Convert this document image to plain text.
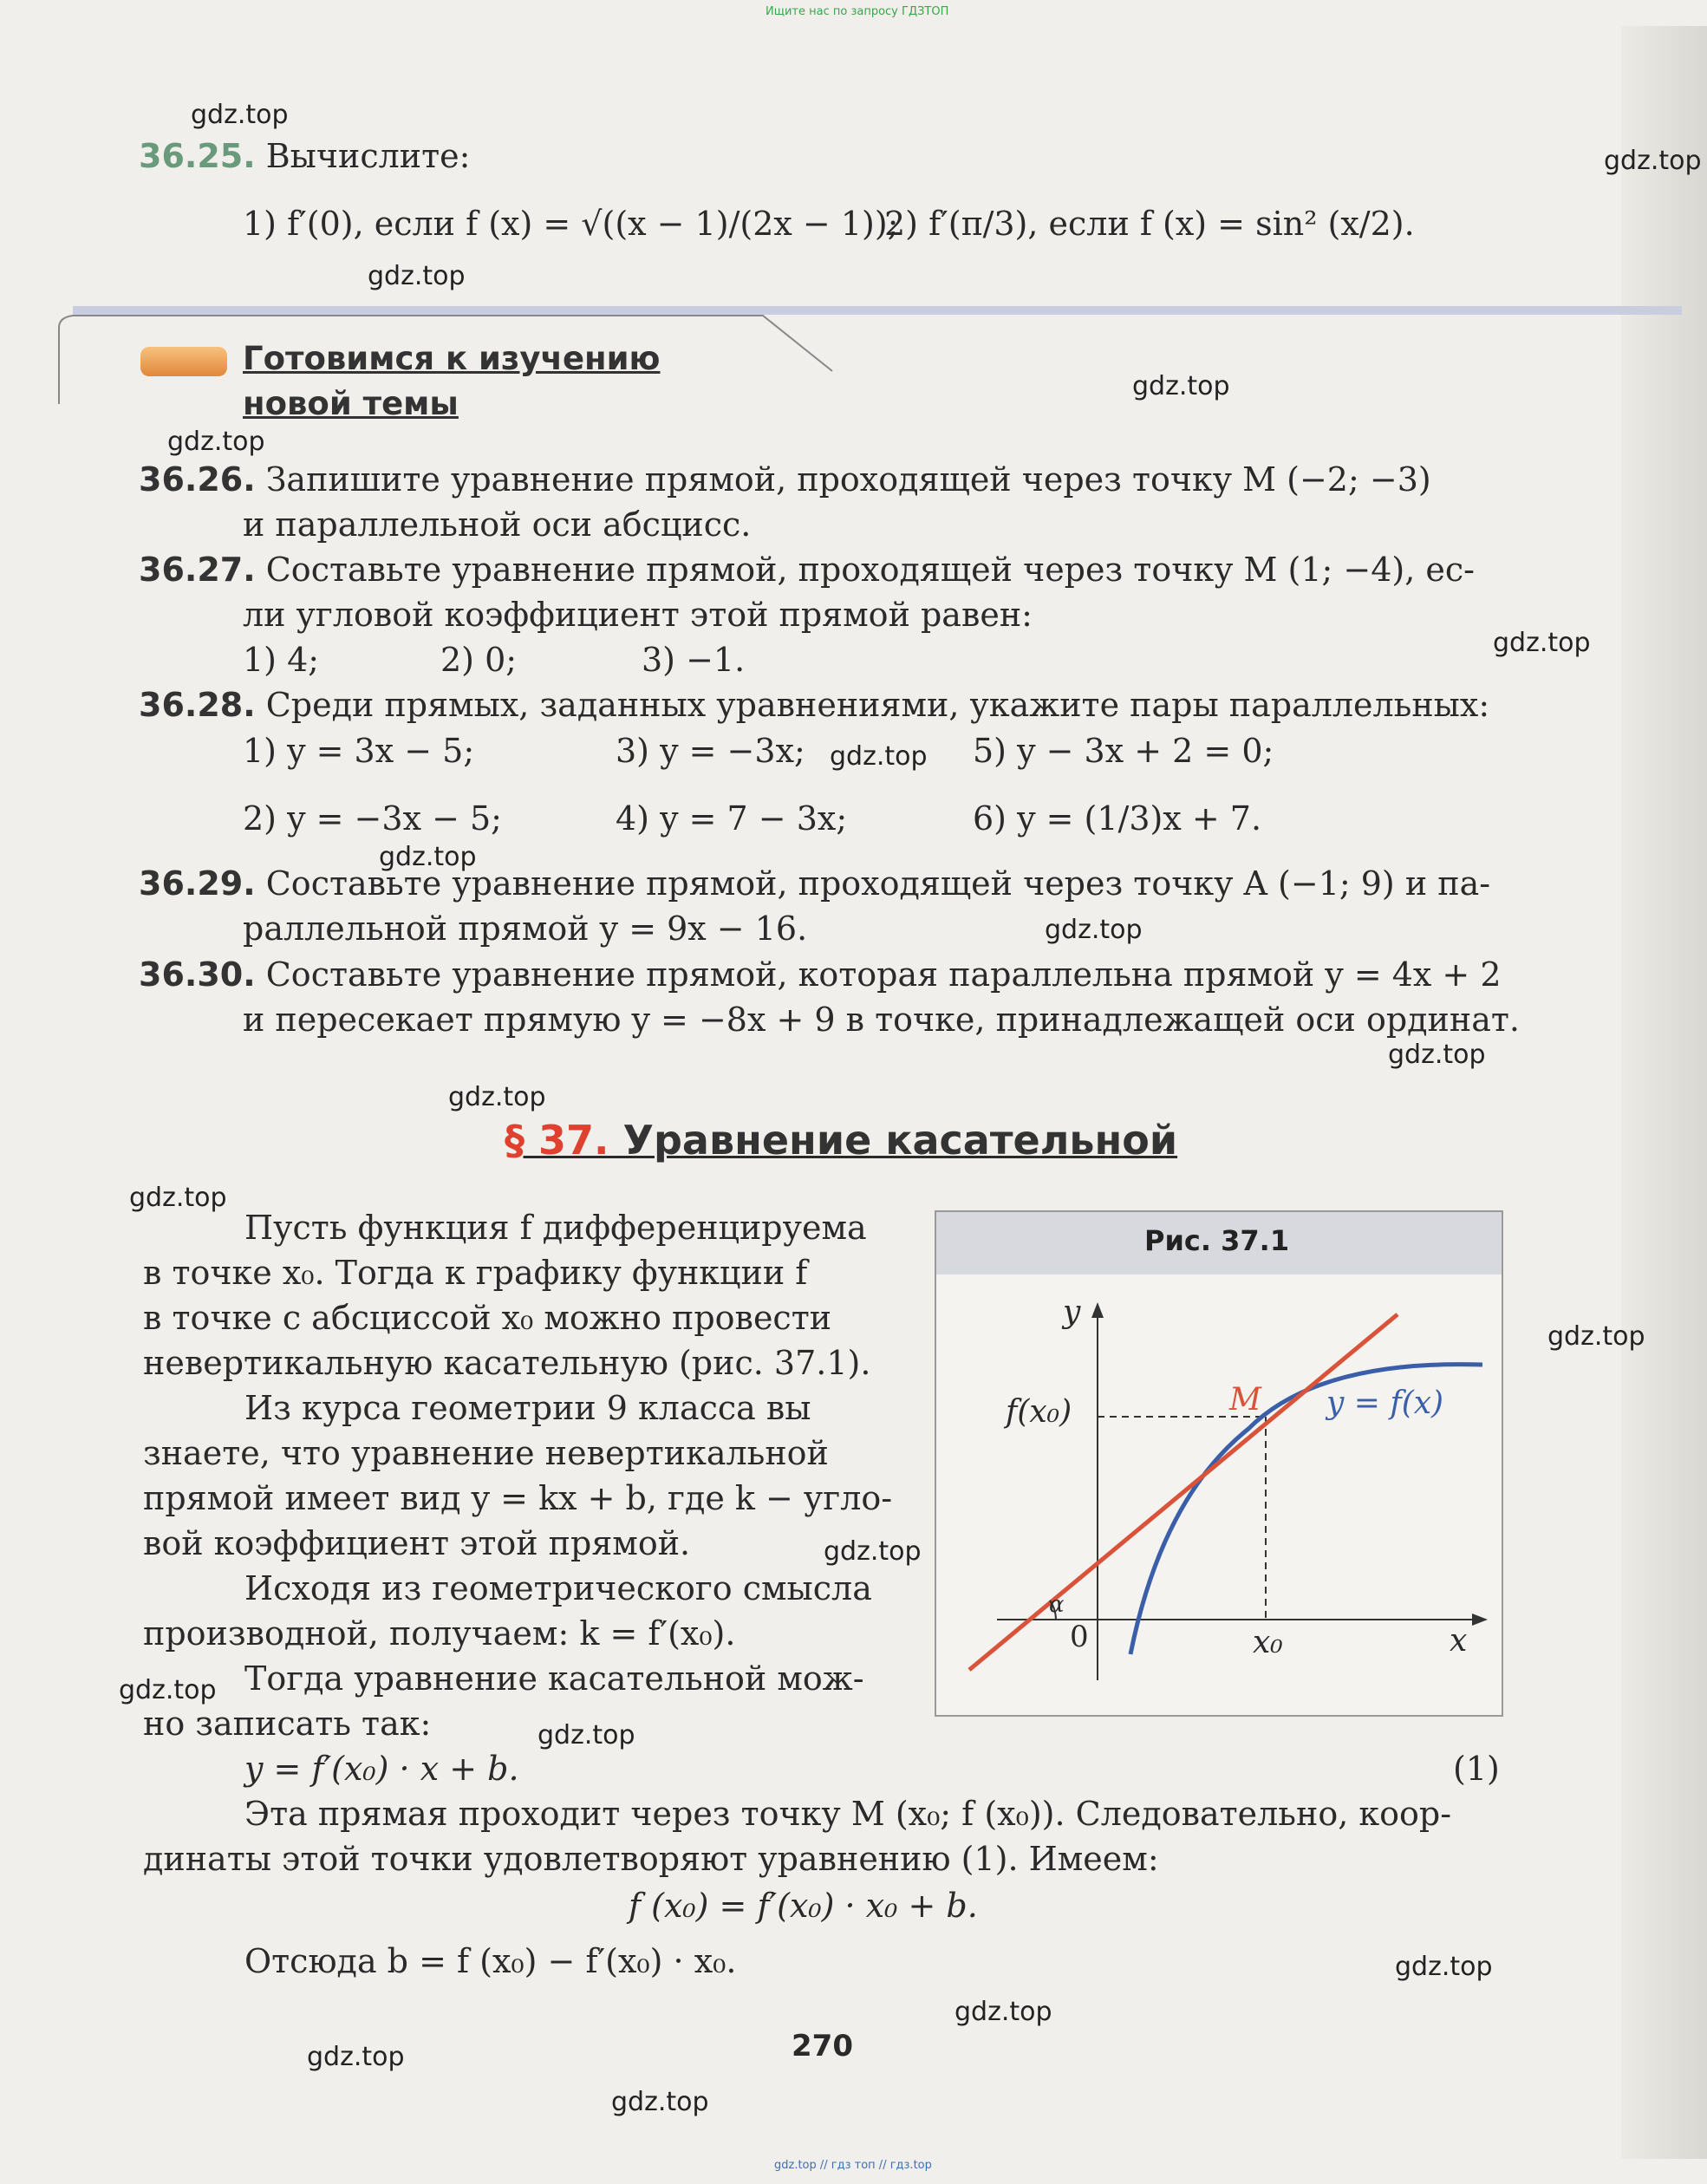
Ищите нас по запросу ГДЗТОП
gdz.top // гдз топ // гдз.top
36.25. Вычислите:
1) f′(0), если f (x) = √((x − 1)/(2x − 1));
2) f′(π/3), если f (x) = sin² (x/2).
Готовимся к изучению
новой темы
36.26. Запишите уравнение прямой, проходящей через точку M (−2; −3)
и параллельной оси абсцисс.
36.27. Составьте уравнение прямой, проходящей через точку M (1; −4), ес-
ли угловой коэффициент этой прямой равен:
1) 4;	2) 0;	3) −1.
36.28. Среди прямых, заданных уравнениями, укажите пары параллельных:
1) y = 3x − 5;	3) y = −3x;	5) y − 3x + 2 = 0;
2) y = −3x − 5;	4) y = 7 − 3x;	6) y = (1/3)x + 7.
36.29. Составьте уравнение прямой, проходящей через точку A (−1; 9) и па-
раллельной прямой y = 9x − 16.
36.30. Составьте уравнение прямой, которая параллельна прямой y = 4x + 2
и пересекает прямую y = −8x + 9 в точке, принадлежащей оси ординат.
§ 37. Уравнение касательной
Пусть функция f дифференцируема
в точке x₀. Тогда к графику функции f
в точке с абсциссой x₀ можно провести
невертикальную касательную (рис. 37.1).
Из курса геометрии 9 класса вы
знаете, что уравнение невертикальной
прямой имеет вид y = kx + b, где k − угло-
вой коэффициент этой прямой.
Исходя из геометрического смысла
производной, получаем: k = f′(x₀).
Тогда уравнение касательной мож-
но записать так:
y = f′(x₀) · x + b.	(1)
Эта прямая проходит через точку M (x₀; f (x₀)). Следовательно, коор-
динаты этой точки удовлетворяют уравнению (1). Имеем:
f (x₀) = f′(x₀) · x₀ + b.
Отсюда b = f (x₀) − f′(x₀) · x₀.
Рис. 37.1
y
x
0
f(x₀)
x₀
M y = f(x)
α
270
gdz.top
gdz.top
gdz.top
gdz.top
gdz.top
gdz.top
gdz.top
gdz.top
gdz.top
gdz.top
gdz.top
gdz.top
gdz.top
gdz.top
gdz.top
gdz.top
gdz.top
gdz.top
gdz.top
gdz.top
